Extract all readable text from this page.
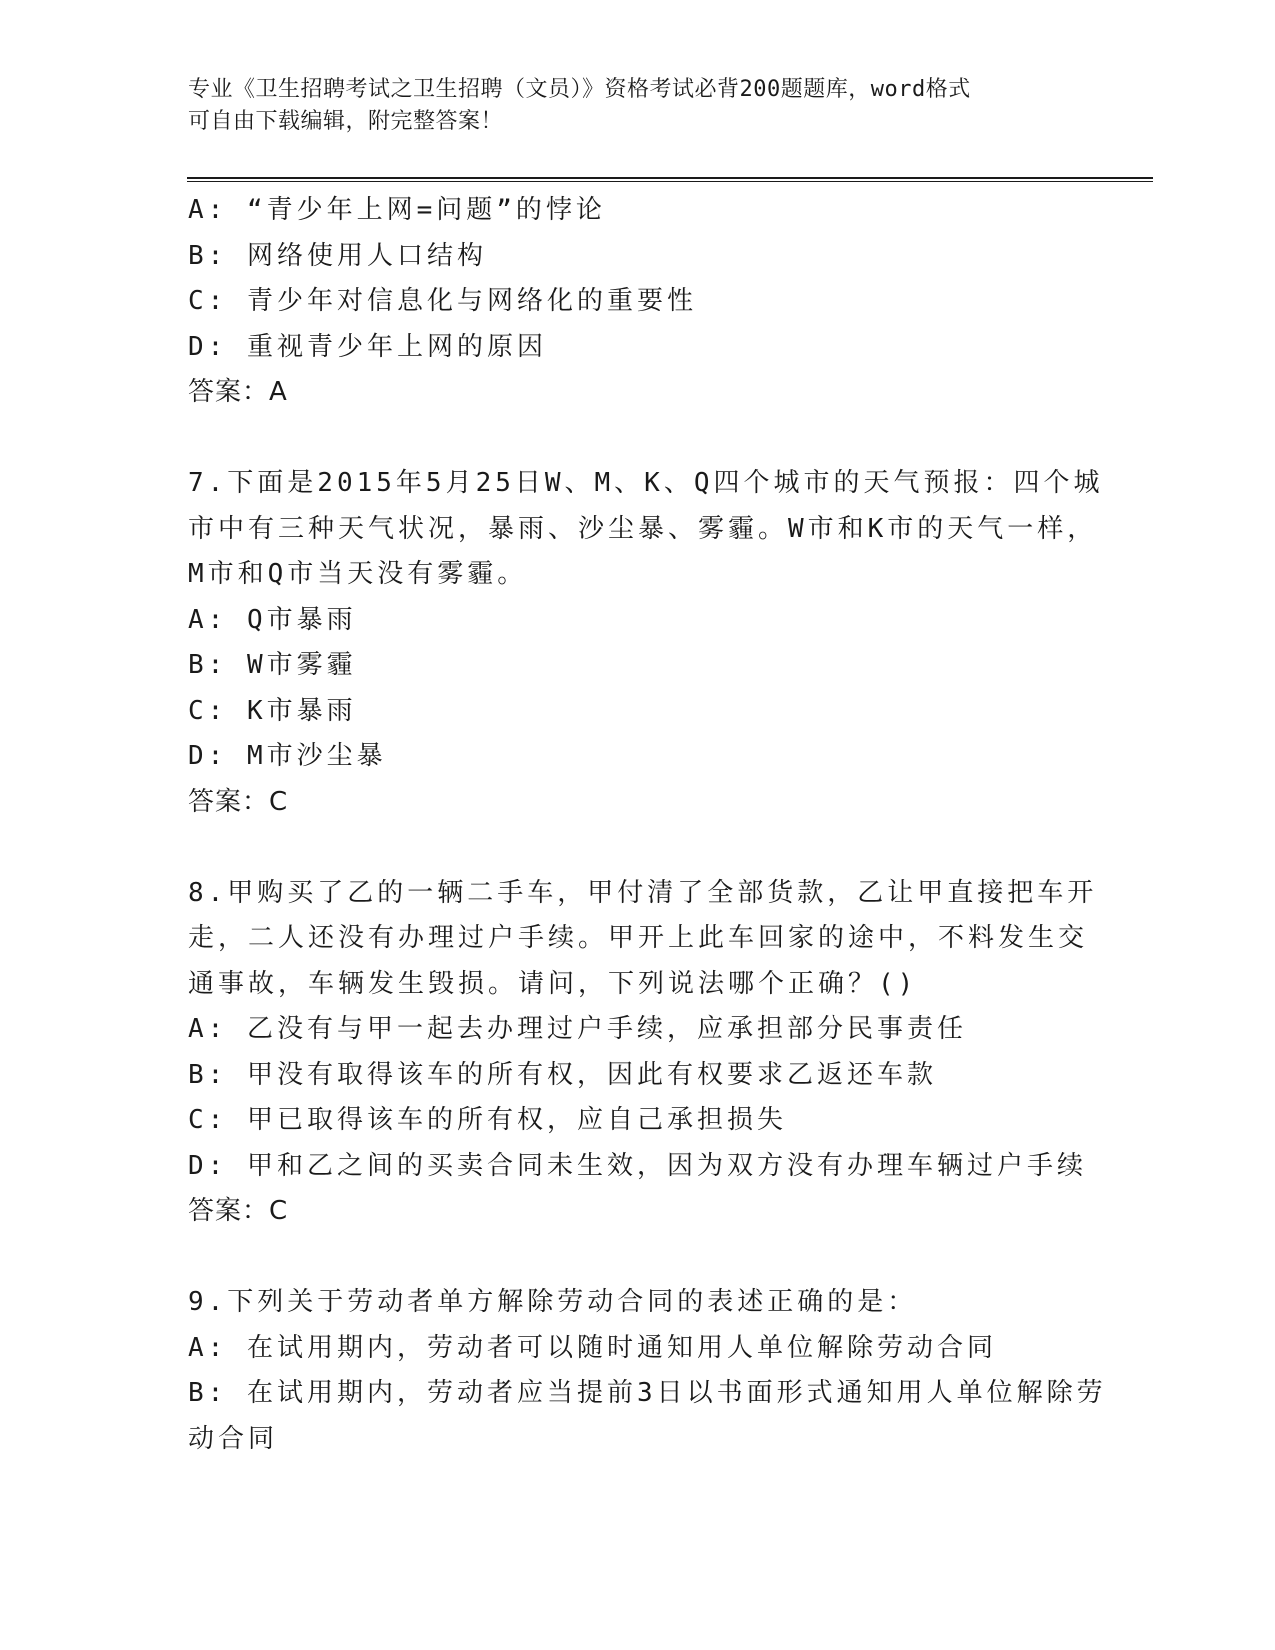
专业《卫生招聘考试之卫生招聘（文员）》资格考试必背200题题库，word格式

可自由下载编辑，附完整答案！

A: “青少年上网=问题”的悖论

B: 网络使用人口结构

C: 青少年对信息化与网络化的重要性

D: 重视青少年上网的原因

答案：A

7.下面是2015年5月25日W、M、K、Q四个城市的天气预报：四个城

市中有三种天气状况，暴雨、沙尘暴、雾霾。W市和K市的天气一样，

M市和Q市当天没有雾霾。

A: Q市暴雨

B: W市雾霾

C: K市暴雨

D: M市沙尘暴

答案：C

8.甲购买了乙的一辆二手车，甲付清了全部货款，乙让甲直接把车开

走，二人还没有办理过户手续。甲开上此车回家的途中，不料发生交

通事故，车辆发生毁损。请问，下列说法哪个正确？()

A: 乙没有与甲一起去办理过户手续，应承担部分民事责任

B: 甲没有取得该车的所有权，因此有权要求乙返还车款

C: 甲已取得该车的所有权，应自己承担损失

D: 甲和乙之间的买卖合同未生效，因为双方没有办理车辆过户手续

答案：C

9.下列关于劳动者单方解除劳动合同的表述正确的是：

A: 在试用期内，劳动者可以随时通知用人单位解除劳动合同

B: 在试用期内，劳动者应当提前3日以书面形式通知用人单位解除劳

动合同
